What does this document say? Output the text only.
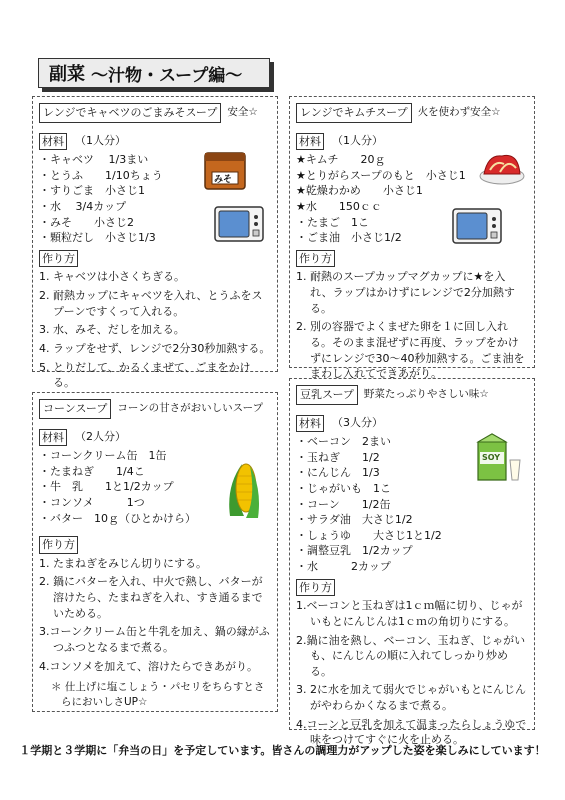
副菜 ～汁物・スープ編～
レンジでキャベツのごまみそスープ 安全☆
材料 （1人分）
・キャベツ　 1/3まい
・とうふ　　1/10ちょう
・すりごま　小さじ1
・水　 3/4カップ
・みそ　　小さじ2
・顆粒だし　小さじ1/3
作り方
1. キャベツは小さくちぎる。
2. 耐熱カップにキャベツを入れ、とうふをスプーンですくって入れる。
3. 水、みそ、だしを加える。
4. ラップをせず、レンジで2分30秒加熱する。
5. とりだして、かるくまぜて、ごまをかける。
みそ
レンジでキムチスープ 火を使わず安全☆
材料 （1人分）
★キムチ　　20ｇ
★とりがらスープのもと　小さじ1
★乾燥わかめ　　小さじ1
★水　　150ｃｃ
・たまご　1こ
・ごま油　小さじ1/2
作り方
1. 耐熱のスープカップマグカップに★を入れ、ラップはかけずにレンジで2分加熱する。
2. 別の容器でよくまぜた卵を１に回し入れる。そのまま混ぜずに再度、ラップをかけずにレンジで30～40秒加熱する。ごま油をまわし入れてできあがり。
コーンスープ コーンの甘さがおいしいスープ
材料 （2人分）
・コーンクリーム缶　1缶
・たまねぎ　　1/4こ
・牛　乳　　1と1/2カップ
・コンソメ　　　1つ
・バター　10ｇ（ひとかけら）
作り方
1. たまねぎをみじん切りにする。
2. 鍋にバターを入れ、中火で熱し、バターが溶けたら、たまねぎを入れ、すき通るまでいためる。
3.コーンクリーム缶と牛乳を加え、鍋の縁がふつふつとなるまで煮る。
4.コンソメを加えて、溶けたらできあがり。
＊ 仕上げに塩こしょう・パセリをちらすとさらにおいしさUP☆
豆乳スープ 野菜たっぷりやさしい味☆
材料 （3人分）
・ベーコン　2まい
・玉ねぎ　　1/2
・にんじん　1/3
・じゃがいも　1こ
・コーン　　1/2缶
・サラダ油　大さじ1/2
・しょうゆ　　大さじ1と1/2
・調整豆乳　1/2カップ
・水　　　2カップ
作り方
1.ベーコンと玉ねぎは1ｃｍ幅に切り、じゃがいもとにんじんは1ｃｍの角切りにする。
2.鍋に油を熱し、ベーコン、玉ねぎ、じゃがいも、にんじんの順に入れてしっかり炒める。
3. 2に水を加えて弱火でじゃがいもとにんじんがやわらかくなるまで煮る。
4.コーンと豆乳を加えて温まったらしょうゆで味をつけてすぐに火を止める。
SOY
１学期と３学期に「弁当の日」を予定しています。皆さんの調理力がアップした姿を楽しみにしています！
